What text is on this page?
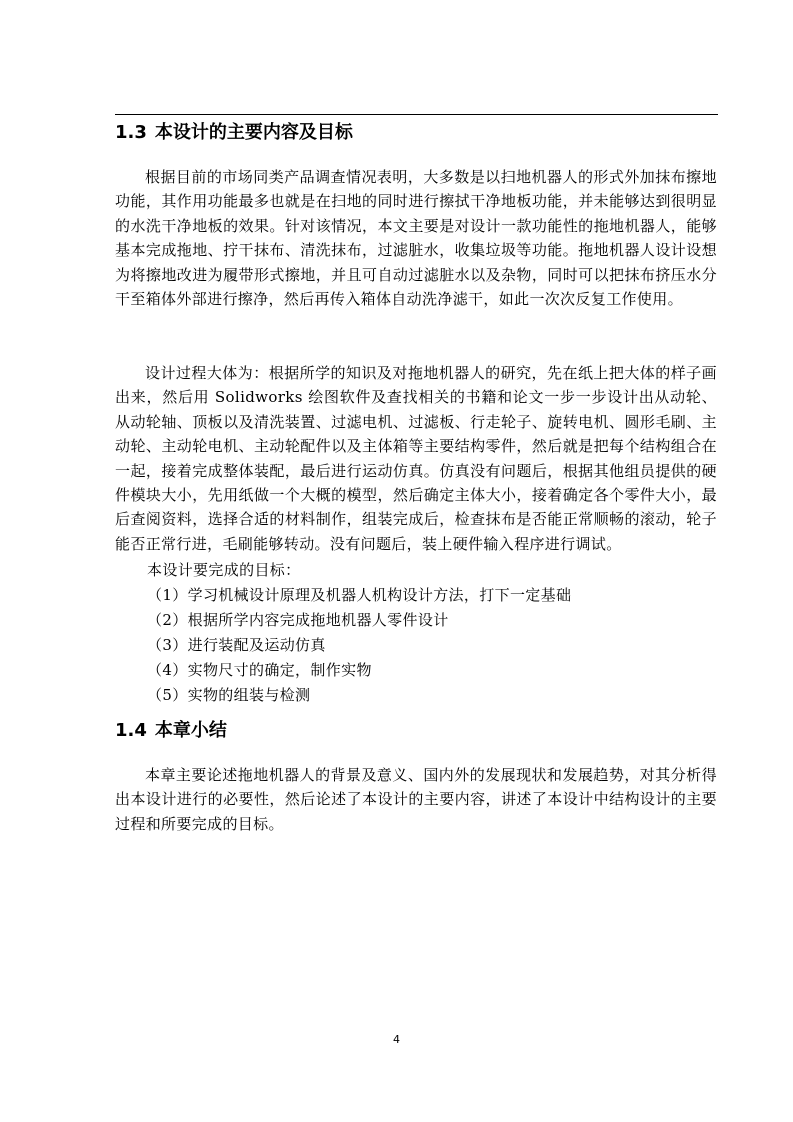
1.3 本设计的主要内容及目标

根据目前的市场同类产品调查情况表明，大多数是以扫地机器人的形式外加抹布擦地功能，其作用功能最多也就是在扫地的同时进行擦拭干净地板功能，并未能够达到很明显的水洗干净地板的效果。针对该情况，本文主要是对设计一款功能性的拖地机器人，能够基本完成拖地、拧干抹布、清洗抹布，过滤脏水，收集垃圾等功能。拖地机器人设计设想为将擦地改进为履带形式擦地，并且可自动过滤脏水以及杂物，同时可以把抹布挤压水分干至箱体外部进行擦净，然后再传入箱体自动洗净滤干，如此一次次反复工作使用。

设计过程大体为：根据所学的知识及对拖地机器人的研究，先在纸上把大体的样子画出来，然后用 Solidworks 绘图软件及查找相关的书籍和论文一步一步设计出从动轮、从动轮轴、顶板以及清洗装置、过滤电机、过滤板、行走轮子、旋转电机、圆形毛刷、主动轮、主动轮电机、主动轮配件以及主体箱等主要结构零件，然后就是把每个结构组合在一起，接着完成整体装配，最后进行运动仿真。仿真没有问题后，根据其他组员提供的硬件模块大小，先用纸做一个大概的模型，然后确定主体大小，接着确定各个零件大小，最后查阅资料，选择合适的材料制作，组装完成后，检查抹布是否能正常顺畅的滚动，轮子能否正常行进，毛刷能够转动。没有问题后，装上硬件输入程序进行调试。

本设计要完成的目标：

（1）学习机械设计原理及机器人机构设计方法，打下一定基础

（2）根据所学内容完成拖地机器人零件设计

（3）进行装配及运动仿真

（4）实物尺寸的确定，制作实物

（5）实物的组装与检测

1.4 本章小结

本章主要论述拖地机器人的背景及意义、国内外的发展现状和发展趋势，对其分析得出本设计进行的必要性，然后论述了本设计的主要内容，讲述了本设计中结构设计的主要过程和所要完成的目标。

4
